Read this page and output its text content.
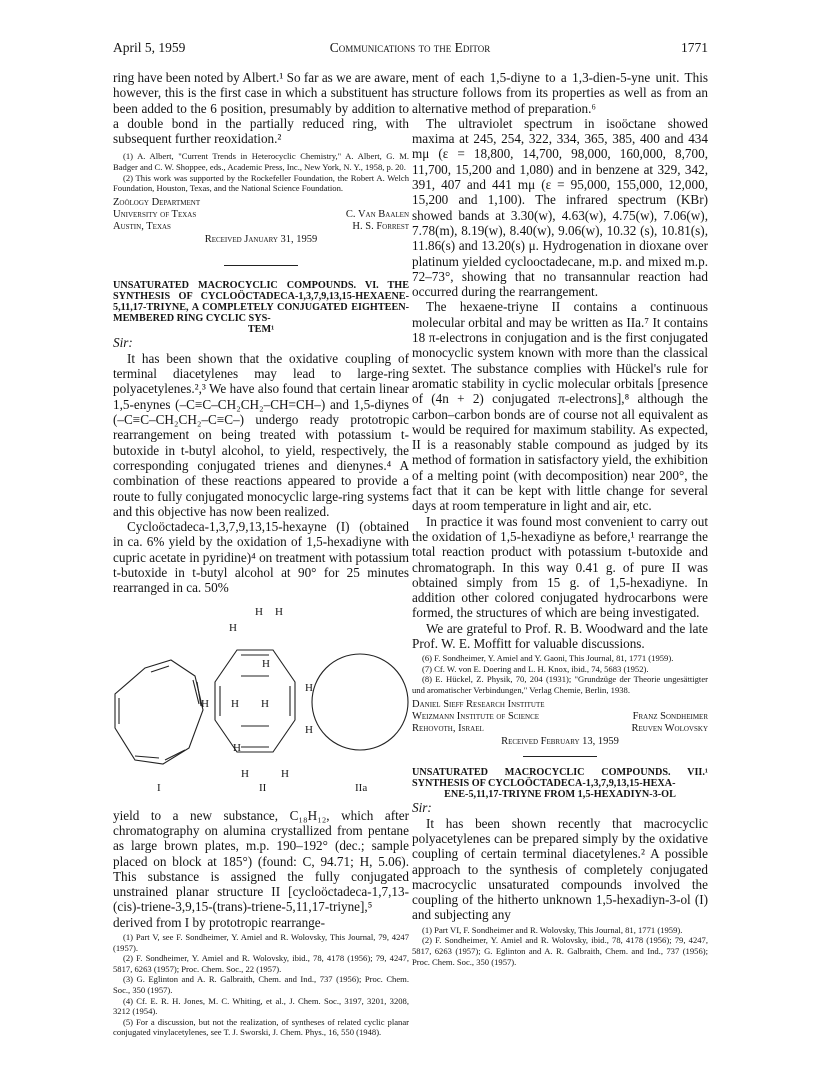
April 5, 1959	Communications to the Editor	1771

ring have been noted by Albert.¹ So far as we are aware, however, this is the first case in which a substituent has been added to the 6 position, presumably by addition to a double bond in the partially reduced ring, with subsequent further reoxidation.²

(1) A. Albert, "Current Trends in Heterocyclic Chemistry," A. Albert, G. M. Badger and C. W. Shoppee, eds., Academic Press, Inc., New York, N. Y., 1958, p. 20.

(2) This work was supported by the Rockefeller Foundation, the Robert A. Welch Foundation, Houston, Texas, and the National Science Foundation.

Zoölogy Department
University of Texas	C. Van Baalen
Austin, Texas	H. S. Forrest
Received January 31, 1959

UNSATURATED MACROCYCLIC COMPOUNDS. VI. THE SYNTHESIS OF CYCLOÖCTADECA-1,3,7,9,13,15-HEXAENE-5,11,17-TRIYNE, A COMPLETELY CONJUGATED EIGHTEEN-MEMBERED RING CYCLIC SYS-
TEM¹

Sir:

It has been shown that the oxidative coupling of terminal diacetylenes may lead to large-ring polyacetylenes.²,³ We have also found that certain linear 1,5-enynes (–C≡C–CH₂CH₂–CH=CH–) and 1,5-diynes (–C≡C–CH₂CH₂–C≡C–) undergo ready prototropic rearrangement on being treated with potassium t-butoxide in t-butyl alcohol, to yield, respectively, the corresponding conjugated trienes and dienynes.⁴ A combination of these reactions appeared to provide a route to fully conjugated monocyclic large-ring systems and this objective has now been realized.

Cycloöctadeca-1,3,7,9,13,15-hexayne (I) (obtained in ca. 6% yield by the oxidation of 1,5-hexadiyne with cupric acetate in pyridine)⁴ on treatment with potassium t-butoxide in t-butyl alcohol at 90° for 25 minutes rearranged in ca. 50%

H H
H
H
H
H H H
H
H
H	H
I	II	IIa

yield to a new substance, C₁₈H₁₂, which after chromatography on alumina crystallized from pentane as large brown plates, m.p. 190–192° (dec.; sample placed on block at 185°) (found: C, 94.71; H, 5.06). This substance is assigned the fully conjugated unstrained planar structure II [cycloöctadeca-1,7,13-(cis)-triene-3,9,15-(trans)-triene-5,11,17-triyne],⁵ derived from I by prototropic rearrange-

(1) Part V, see F. Sondheimer, Y. Amiel and R. Wolovsky, This Journal, 79, 4247 (1957).

(2) F. Sondheimer, Y. Amiel and R. Wolovsky, ibid., 78, 4178 (1956); 79, 4247, 5817, 6263 (1957); Proc. Chem. Soc., 22 (1957).

(3) G. Eglinton and A. R. Galbraith, Chem. and Ind., 737 (1956); Proc. Chem. Soc., 350 (1957).

(4) Cf. E. R. H. Jones, M. C. Whiting, et al., J. Chem. Soc., 3197, 3201, 3208, 3212 (1954).

(5) For a discussion, but not the realization, of syntheses of related cyclic planar conjugated vinylacetylenes, see T. J. Sworski, J. Chem. Phys., 16, 550 (1948).

ment of each 1,5-diyne to a 1,3-dien-5-yne unit. This structure follows from its properties as well as from an alternative method of preparation.⁶

The ultraviolet spectrum in isoöctane showed maxima at 245, 254, 322, 334, 365, 385, 400 and 434 mμ (ε = 18,800, 14,700, 98,000, 160,000, 8,700, 11,700, 15,200 and 1,080) and in benzene at 329, 342, 391, 407 and 441 mμ (ε = 95,000, 155,000, 12,000, 15,200 and 1,100). The infrared spectrum (KBr) showed bands at 3.30(w), 4.63(w), 4.75(w), 7.06(w), 7.78(m), 8.19(w), 8.40(w), 9.06(w), 10.32 (s), 10.81(s), 11.86(s) and 13.20(s) μ. Hydrogenation in dioxane over platinum yielded cyclooctadecane, m.p. and mixed m.p. 72–73°, showing that no transannular reaction had occurred during the rearrangement.

The hexaene-triyne II contains a continuous molecular orbital and may be written as IIa.⁷ It contains 18 π-electrons in conjugation and is the first conjugated monocyclic system known with more than the classical sextet. The substance complies with Hückel's rule for aromatic stability in cyclic molecular orbitals [presence of (4n + 2) conjugated π-electrons],⁸ although the carbon–carbon bonds are of course not all equivalent as would be required for maximum stability. As expected, II is a reasonably stable compound as judged by its method of formation in satisfactory yield, the exhibition of a melting point (with decomposition) near 200°, the fact that it can be kept with little change for several days at room temperature in light and air, etc.

In practice it was found most convenient to carry out the oxidation of 1,5-hexadiyne as before,¹ rearrange the total reaction product with potassium t-butoxide and chromatograph. In this way 0.41 g. of pure II was obtained simply from 15 g. of 1,5-hexadiyne. In addition other colored conjugated hydrocarbons were formed, the structures of which are being investigated.

We are grateful to Prof. R. B. Woodward and the late Prof. W. E. Moffitt for valuable discussions.

(6) F. Sondheimer, Y. Amiel and Y. Gaoni, This Journal, 81, 1771 (1959).

(7) Cf. W. von E. Doering and L. H. Knox, ibid., 74, 5683 (1952).

(8) E. Hückel, Z. Physik, 70, 204 (1931); "Grundzüge der Theorie ungesättigter und aromatischer Verbindungen," Verlag Chemie, Berlin, 1938.

Daniel Sieff Research Institute
Weizmann Institute of Science	Franz Sondheimer
Rehovoth, Israel	Reuven Wolovsky
Received February 13, 1959

UNSATURATED MACROCYCLIC COMPOUNDS. VII.¹ SYNTHESIS OF CYCLOÖCTADECA-1,3,7,9,13,15-HEXA-
ENE-5,11,17-TRIYNE FROM 1,5-HEXADIYN-3-OL

Sir:

It has been shown recently that macrocyclic polyacetylenes can be prepared simply by the oxidative coupling of certain terminal diacetylenes.² A possible approach to the synthesis of completely conjugated macrocyclic unsaturated compounds involved the coupling of the hitherto unknown 1,5-hexadiyn-3-ol (I) and subjecting any

(1) Part VI, F. Sondheimer and R. Wolovsky, This Journal, 81, 1771 (1959).

(2) F. Sondheimer, Y. Amiel and R. Wolovsky, ibid., 78, 4178 (1956); 79, 4247, 5817, 6263 (1957); G. Eglinton and A. R. Galbraith, Chem. and Ind., 737 (1956); Proc. Chem. Soc., 350 (1957).
